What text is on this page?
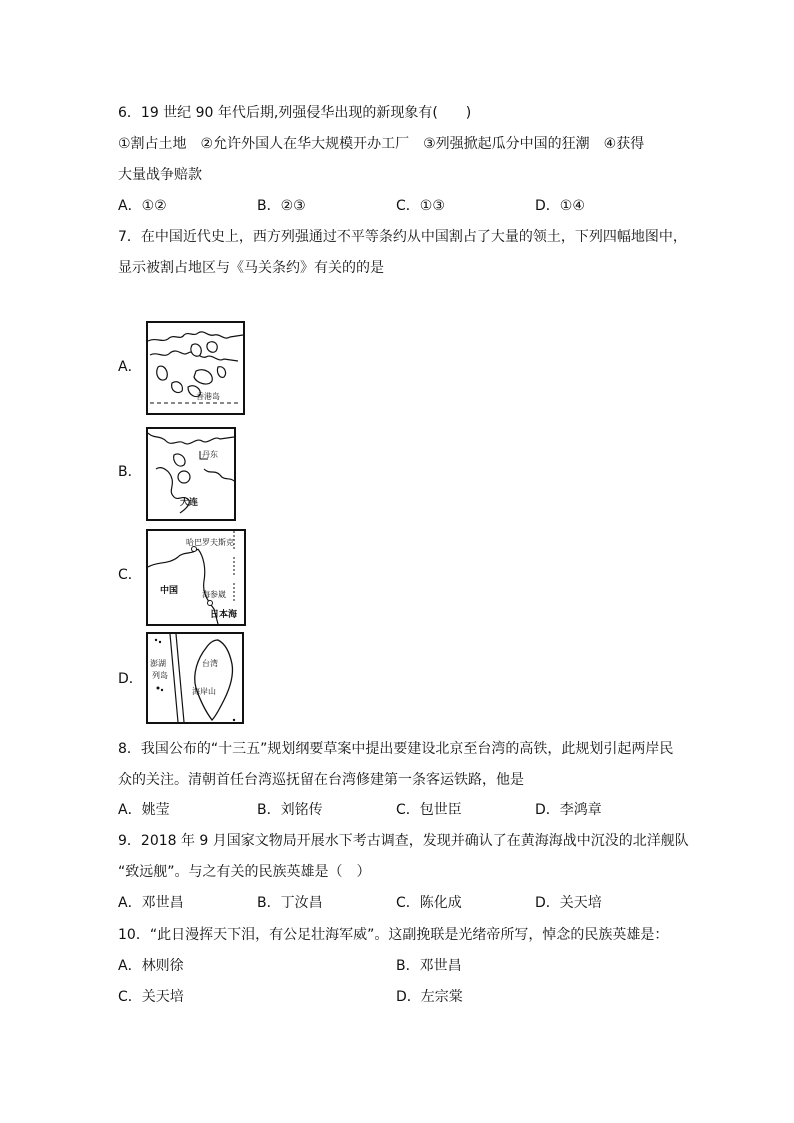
6．19 世纪 90 年代后期,列强侵华出现的新现象有(　　)
①割占土地　②允许外国人在华大规模开办工厂　③列强掀起瓜分中国的狂潮　④获得
大量战争赔款
A．①②	B．②③	C．①③	D．①④
7．在中国近代史上，西方列强通过不平等条约从中国割占了大量的领土，下列四幅地图中，
显示被割占地区与《马关条约》有关的的是
A．
香港岛
B．
丹东
大连
C．
哈巴罗夫斯克
中国	海参崴
日本海
D．
澎湖
列岛
台湾
海岸山
8．我国公布的“十三五”规划纲要草案中提出要建设北京至台湾的高铁，此规划引起两岸民
众的关注。清朝首任台湾巡抚留在台湾修建第一条客运铁路，他是
A．姚莹	B．刘铭传	C．包世臣	D．李鸿章
9．2018 年 9 月国家文物局开展水下考古调查，发现并确认了在黄海海战中沉没的北洋舰队
“致远舰”。与之有关的民族英雄是（　）
A．邓世昌	B．丁汝昌	C．陈化成	D．关天培
10．“此日漫挥天下泪，有公足壮海军威”。这副挽联是光绪帝所写，悼念的民族英雄是：
A．林则徐	B．邓世昌
C．关天培	D．左宗棠
